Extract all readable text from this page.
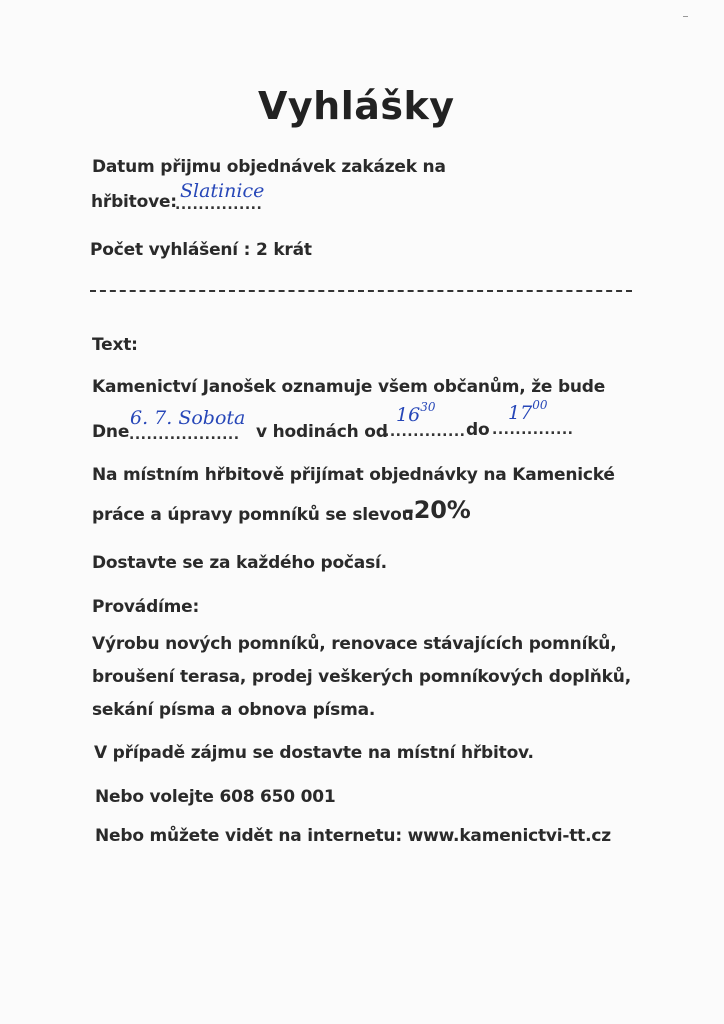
Vyhlášky
Datum přijmu objednávek zakázek na
hřbitove:
...............
Slatinice
Počet vyhlášení : 2 krát
Text:
Kamenictví Janošek oznamuje všem občanům, že bude
Dne ...................
6. 7. Sobota
v hodinách od
..............
$16^{30}$
do ..............
$17^{00}$
Na místním hřbitově přijímat objednávky na Kamenické
práce a úpravy pomníků se slevou
-20%
Dostavte se za každého počasí.
Provádíme:
Výrobu nových pomníků, renovace stávajících pomníků,
broušení terasa, prodej veškerých pomníkových doplňků,
sekání písma a obnova písma.
V případě zájmu se dostavte na místní hřbitov.
Nebo volejte 608 650 001
Nebo můžete vidět na internetu: www.kamenictvi-tt.cz
